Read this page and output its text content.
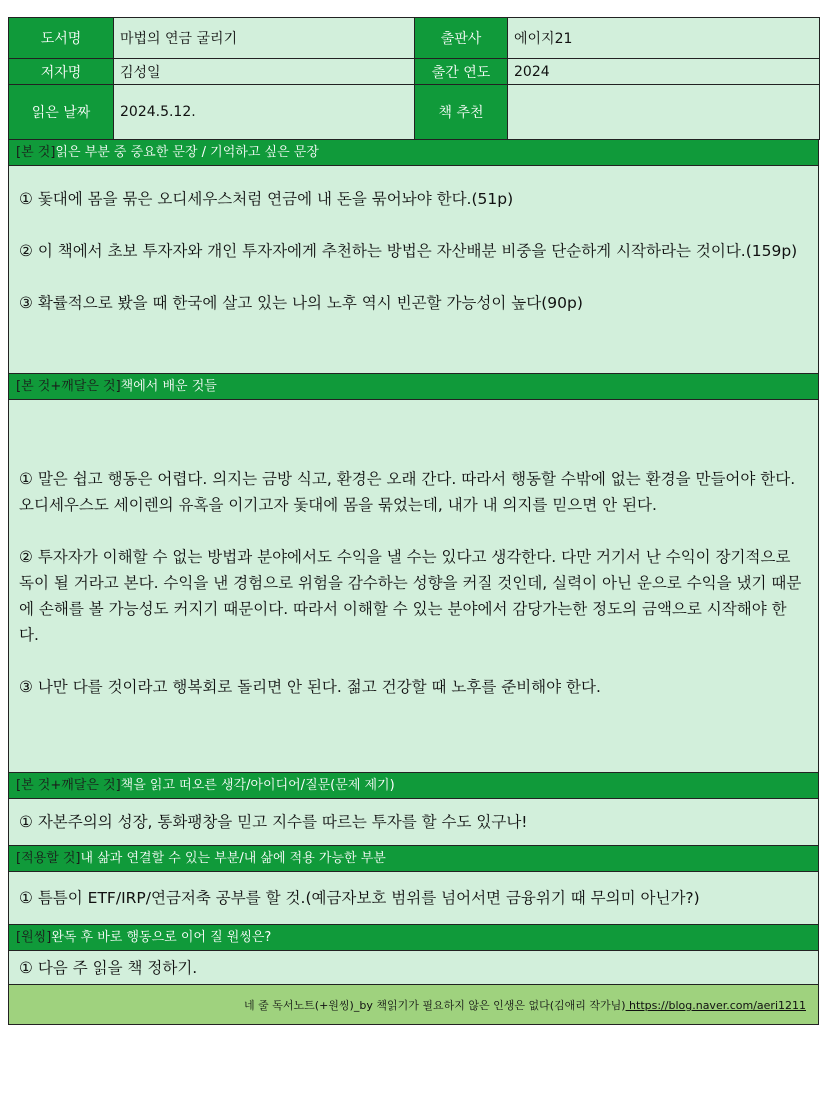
도서명	마법의 연금 굴리기	출판사	에이지21
저자명	김성일	출간 연도	2024
읽은 날짜	2024.5.12.	책 추천	
[본 것]읽은 부분 중 중요한 문장 / 기억하고 싶은 문장

① 돛대에 몸을 묶은 오디세우스처럼 연금에 내 돈을 묶어놔야 한다.(51p)

② 이 책에서 초보 투자자와 개인 투자자에게 추천하는 방법은 자산배분 비중을 단순하게 시작하라는 것이다.(159p)

③ 확률적으로 봤을 때 한국에 살고 있는 나의 노후 역시 빈곤할 가능성이 높다(90p)

[본 것+깨달은 것]책에서 배운 것들

① 말은 쉽고 행동은 어렵다. 의지는 금방 식고, 환경은 오래 간다. 따라서 행동할 수밖에 없는 환경을 만들어야 한다. 오디세우스도 세이렌의 유혹을 이기고자 돛대에 몸을 묶었는데, 내가 내 의지를 믿으면 안 된다.

② 투자자가 이해할 수 없는 방법과 분야에서도 수익을 낼 수는 있다고 생각한다. 다만 거기서 난 수익이 장기적으로 독이 될 거라고 본다. 수익을 낸 경험으로 위험을 감수하는 성향을 커질 것인데, 실력이 아닌 운으로 수익을 냈기 때문에 손해를 볼 가능성도 커지기 때문이다. 따라서 이해할 수 있는 분야에서 감당가는한 정도의 금액으로 시작해야 한다.

③ 나만 다를 것이라고 행복회로 돌리면 안 된다. 젊고 건강할 때 노후를 준비해야 한다.

[본 것+깨달은 것]책을 읽고 떠오른 생각/아이디어/질문(문제 제기)

① 자본주의의 성장, 통화팽창을 믿고 지수를 따르는 투자를 할 수도 있구나!

[적용할 것]내 삶과 연결할 수 있는 부분/내 삶에 적용 가능한 부분

① 틈틈이 ETF/IRP/연금저축 공부를 할 것.(예금자보호 범위를 넘어서면 금융위기 때 무의미 아닌가?)

[원씽]완독 후 바로 행동으로 이어 질 원씽은?

① 다음 주 읽을 책 정하기.

네 줄 독서노트(+원씽)_by 책읽기가 필요하지 않은 인생은 없다(김애리 작가님) https://blog.naver.com/aeri1211
